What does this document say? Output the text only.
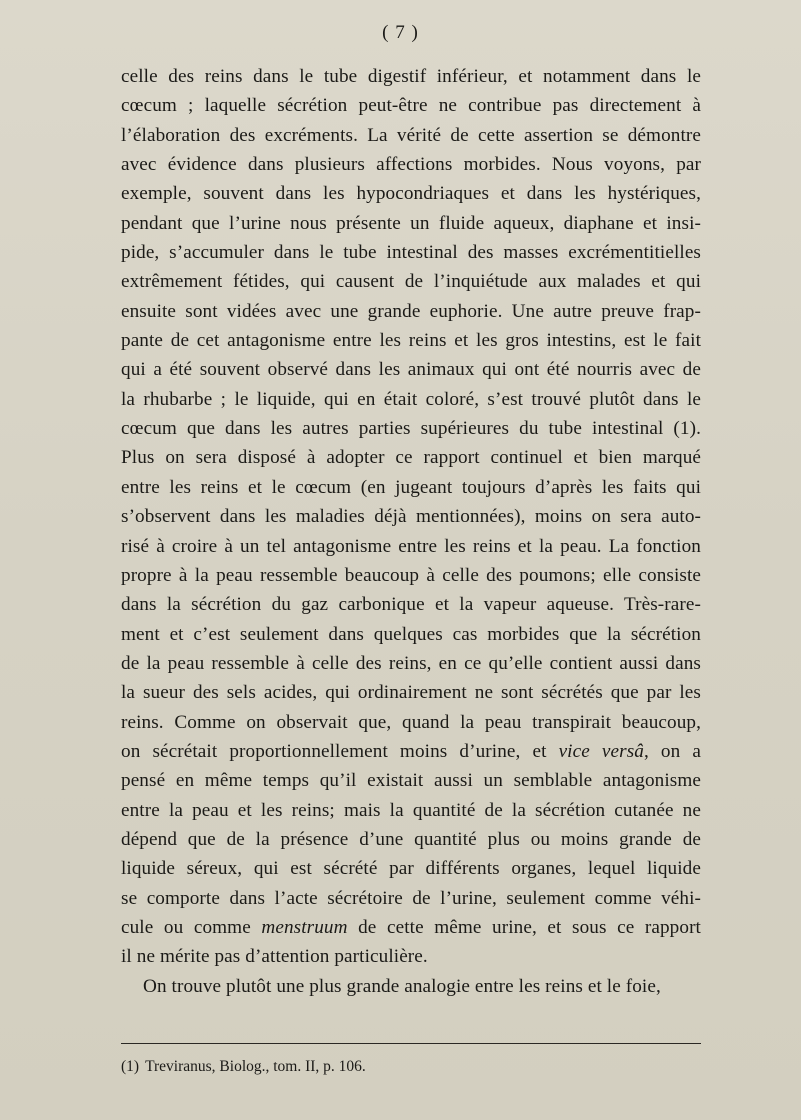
( 7 )
celle des reins dans le tube digestif inférieur, et notamment dans le
cœcum ; laquelle sécrétion peut-être ne contribue pas directement à
l’élaboration des excréments. La vérité de cette assertion se démontre
avec évidence dans plusieurs affections morbides. Nous voyons, par
exemple, souvent dans les hypocondriaques et dans les hystériques,
pendant que l’urine nous présente un fluide aqueux, diaphane et insi-
pide, s’accumuler dans le tube intestinal des masses excrémentitielles
extrêmement fétides, qui causent de l’inquiétude aux malades et qui
ensuite sont vidées avec une grande euphorie. Une autre preuve frap-
pante de cet antagonisme entre les reins et les gros intestins, est le fait
qui a été souvent observé dans les animaux qui ont été nourris avec de
la rhubarbe ; le liquide, qui en était coloré, s’est trouvé plutôt dans le
cœcum que dans les autres parties supérieures du tube intestinal (1).
Plus on sera disposé à adopter ce rapport continuel et bien marqué
entre les reins et le cœcum (en jugeant toujours d’après les faits qui
s’observent dans les maladies déjà mentionnées), moins on sera auto-
risé à croire à un tel antagonisme entre les reins et la peau. La fonction
propre à la peau ressemble beaucoup à celle des poumons; elle consiste
dans la sécrétion du gaz carbonique et la vapeur aqueuse. Très-rare-
ment et c’est seulement dans quelques cas morbides que la sécrétion
de la peau ressemble à celle des reins, en ce qu’elle contient aussi dans
la sueur des sels acides, qui ordinairement ne sont sécrétés que par les
reins. Comme on observait que, quand la peau transpirait beaucoup,
on sécrétait proportionnellement moins d’urine, et vice versâ, on a
pensé en même temps qu’il existait aussi un semblable antagonisme
entre la peau et les reins; mais la quantité de la sécrétion cutanée ne
dépend que de la présence d’une quantité plus ou moins grande de
liquide séreux, qui est sécrété par différents organes, lequel liquide
se comporte dans l’acte sécrétoire de l’urine, seulement comme véhi-
cule ou comme menstruum de cette même urine, et sous ce rapport
il ne mérite pas d’attention particulière.
On trouve plutôt une plus grande analogie entre les reins et le foie,
(1) Treviranus, Biolog., tom. II, p. 106.
